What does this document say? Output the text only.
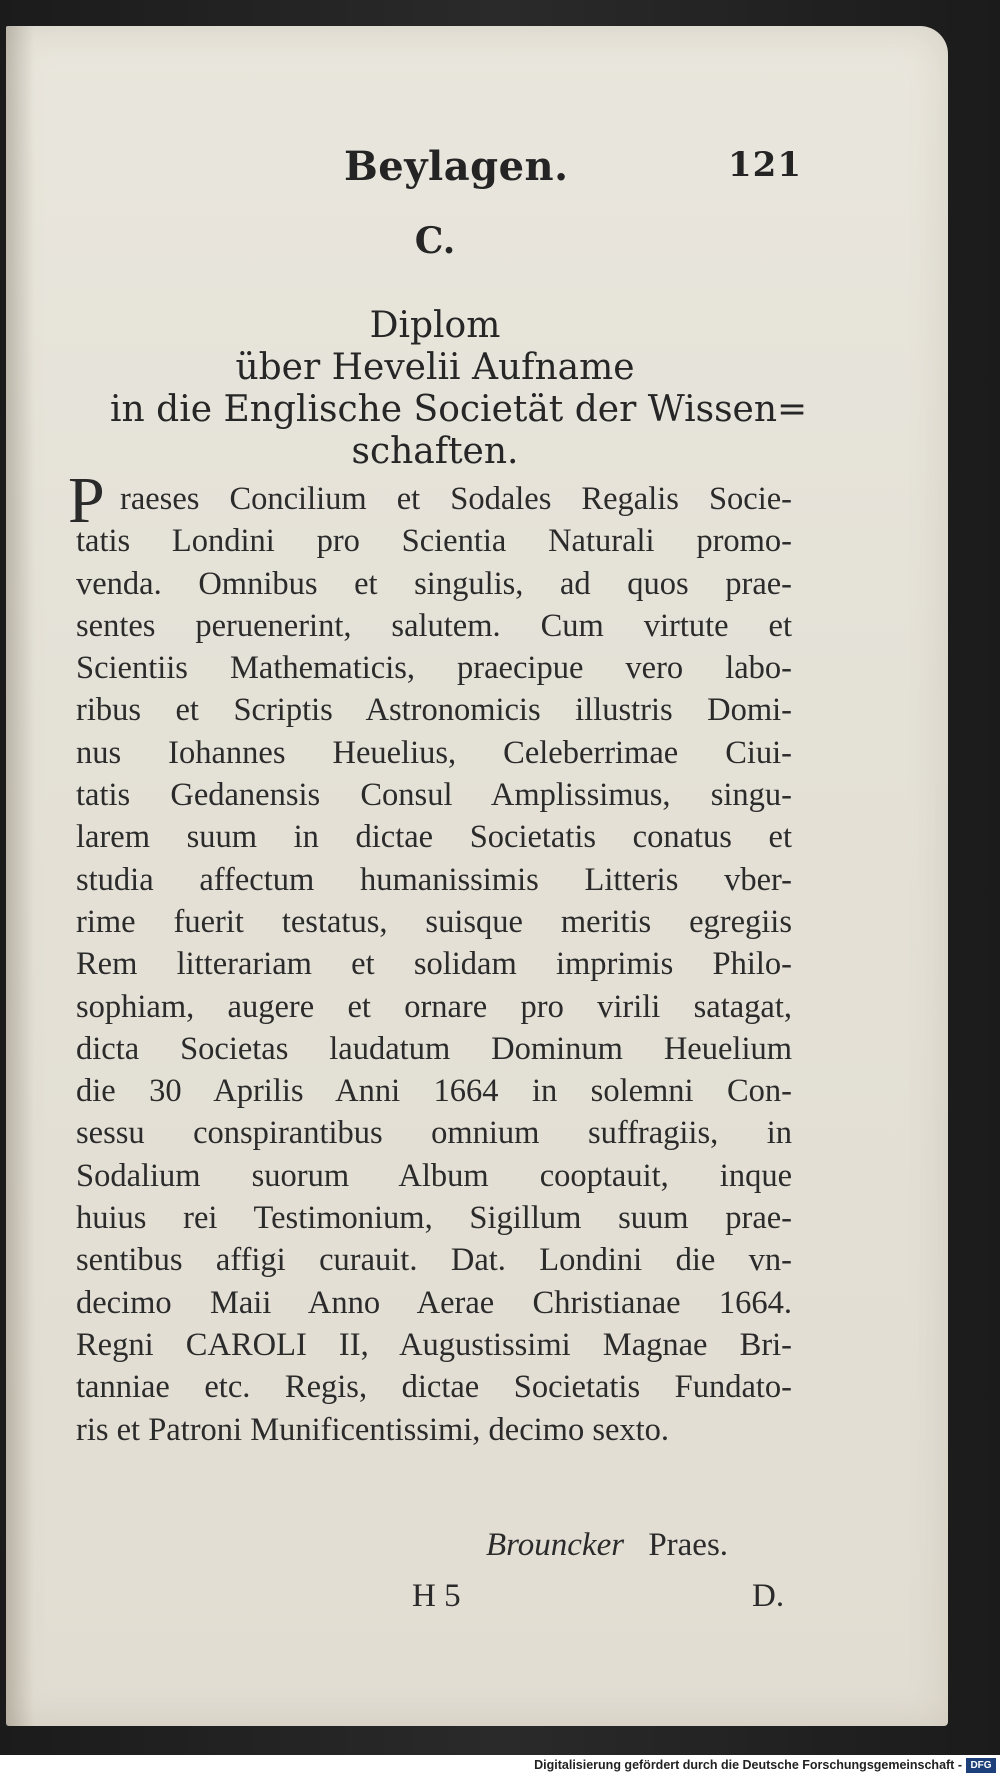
Beylagen.	121
C.
Diplom
über Hevelii Aufname
in die Englische Societät der Wissen=
schaften.
P raeses Concilium et Sodales Regalis Socie-
tatis Londini pro Scientia Naturali promo-
venda. Omnibus et singulis, ad quos prae-
sentes peruenerint, salutem. Cum virtute et
Scientiis Mathematicis, praecipue vero labo-
ribus et Scriptis Astronomicis illustris Domi-
nus Iohannes Heuelius, Celeberrimae Ciui-
tatis Gedanensis Consul Amplissimus, singu-
larem suum in dictae Societatis conatus et
studia affectum humanissimis Litteris vber-
rime fuerit testatus, suisque meritis egregiis
Rem litterariam et solidam imprimis Philo-
sophiam, augere et ornare pro virili satagat,
dicta Societas laudatum Dominum Heuelium
die 30 Aprilis Anni 1664 in solemni Con-
sessu conspirantibus omnium suffragiis, in
Sodalium suorum Album cooptauit, inque
huius rei Testimonium, Sigillum suum prae-
sentibus affigi curauit. Dat. Londini die vn-
decimo Maii Anno Aerae Christianae 1664.
Regni CAROLI II, Augustissimi Magnae Bri-
tanniae etc. Regis, dictae Societatis Fundato-
ris et Patroni Munificentissimi, decimo sexto.
Brouncker Praes.
H 5	D.
Digitalisierung gefördert durch die Deutsche Forschungsgemeinschaft - DFG
